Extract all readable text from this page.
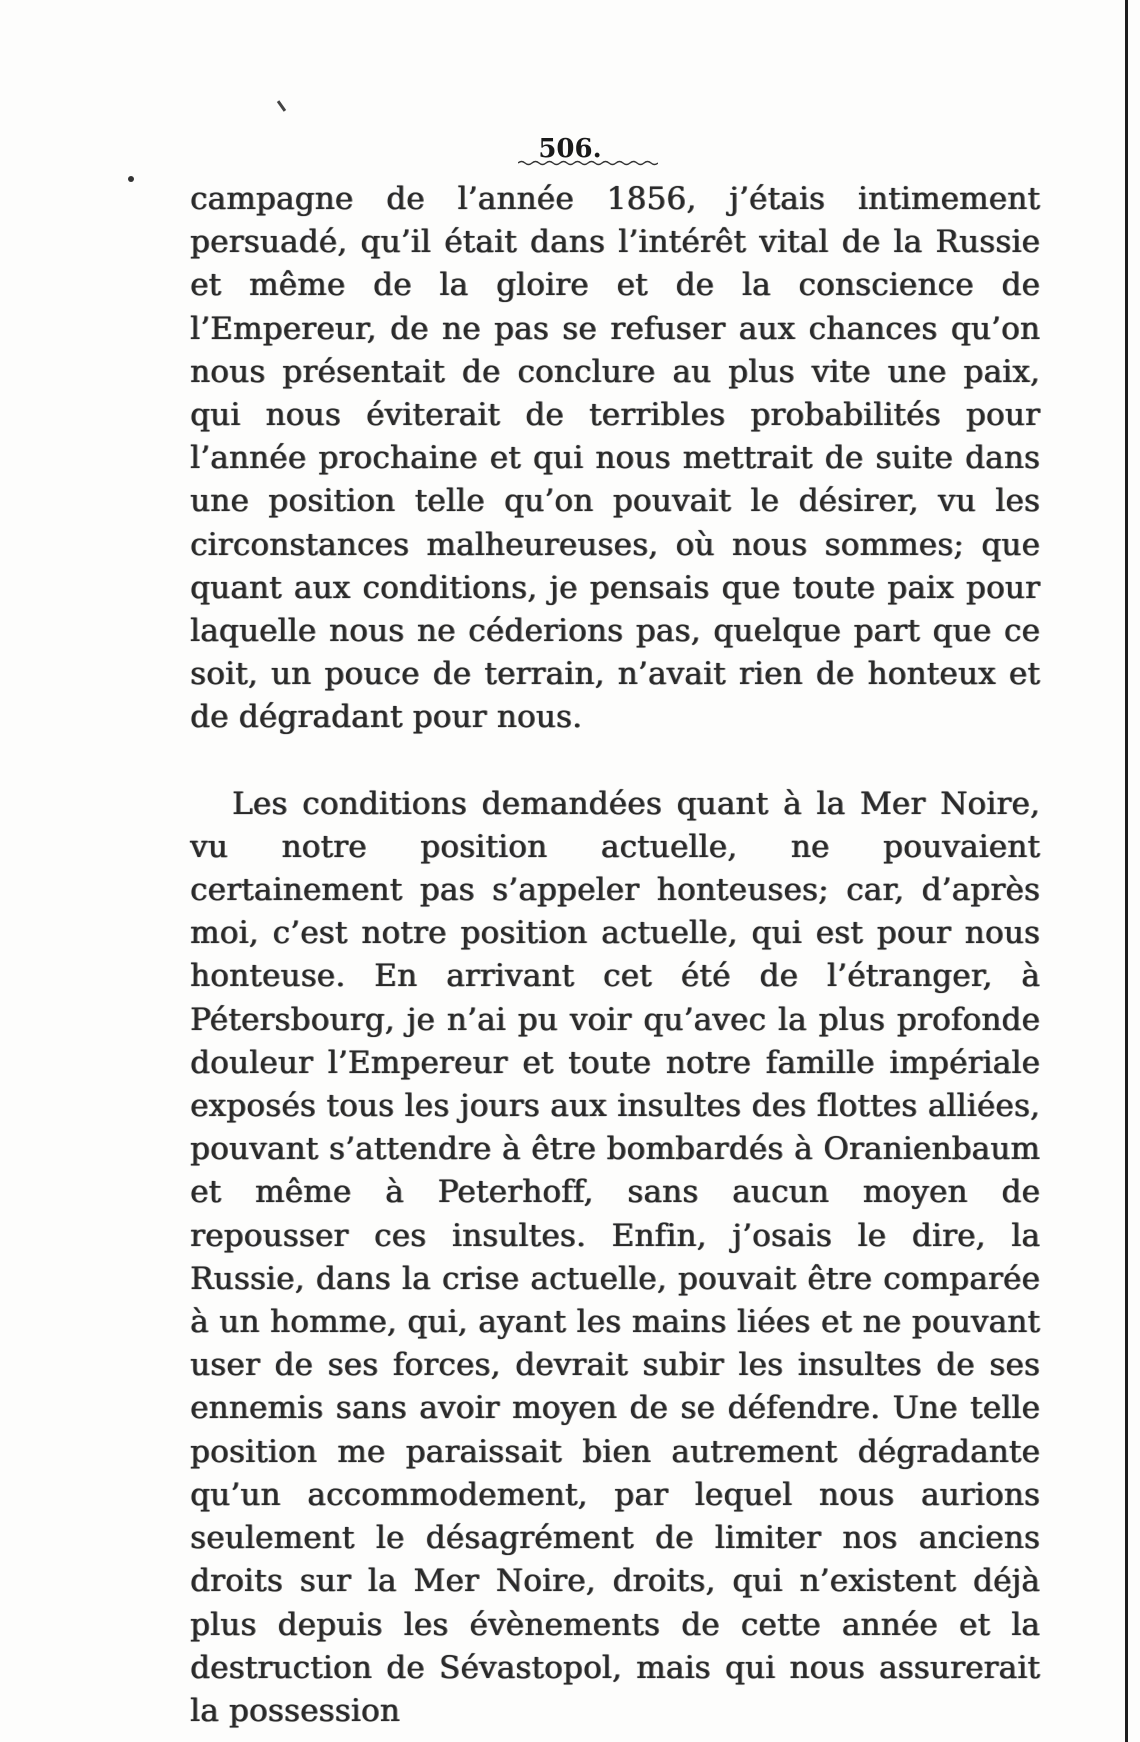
506.

campagne de l’année 1856, j’étais intimement persuadé, qu’il était dans l’intérêt vital de la Russie et même de la gloire et de la conscience de l’Empereur, de ne pas se refuser aux chances qu’on nous présentait de conclure au plus vite une paix, qui nous éviterait de terribles probabilités pour l’année prochaine et qui nous mettrait de suite dans une position telle qu’on pouvait le désirer, vu les circonstances malheureuses, où nous sommes; que quant aux conditions, je pensais que toute paix pour laquelle nous ne céderions pas, quelque part que ce soit, un pouce de terrain, n’avait rien de honteux et de dégradant pour nous.

Les conditions demandées quant à la Mer Noire, vu notre position actuelle, ne pouvaient certainement pas s’appeler honteuses; car, d’après moi, c’est notre position actuelle, qui est pour nous honteuse. En arrivant cet été de l’étranger, à Pétersbourg, je n’ai pu voir qu’avec la plus profonde douleur l’Empereur et toute notre famille impériale exposés tous les jours aux insultes des flottes alliées, pouvant s’attendre à être bombardés à Oranienbaum et même à Peterhoff, sans aucun moyen de repousser ces insultes. Enfin, j’osais le dire, la Russie, dans la crise actuelle, pouvait être comparée à un homme, qui, ayant les mains liées et ne pouvant user de ses forces, devrait subir les insultes de ses ennemis sans avoir moyen de se défendre. Une telle position me paraissait bien autrement dégradante qu’un accommodement, par lequel nous aurions seulement le désagrément de limiter nos anciens droits sur la Mer Noire, droits, qui n’existent déjà plus depuis les évènements de cette année et la destruction de Sévastopol, mais qui nous assurerait la possession
